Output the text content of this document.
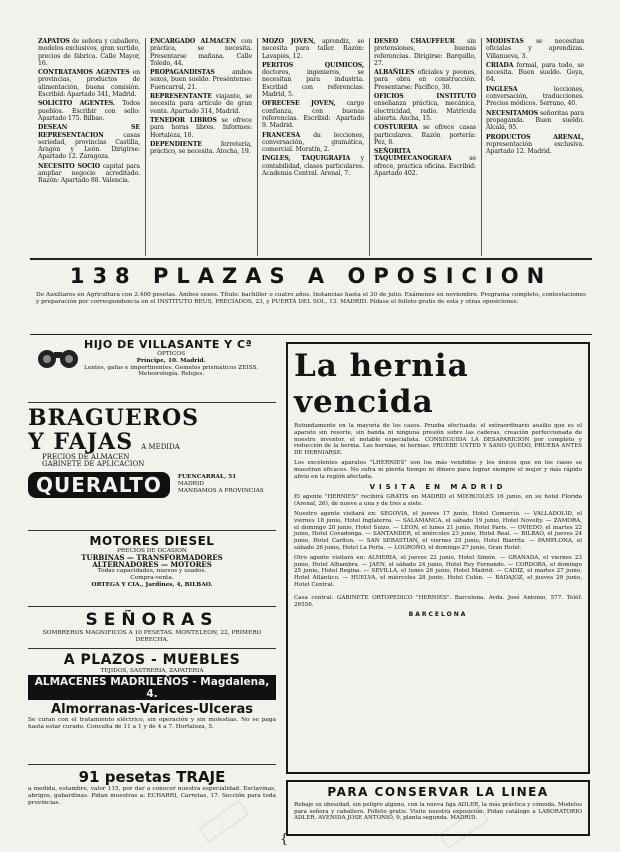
ZAPATOS de señora y caballero, modelos exclusivos, gran surtido, precios de fábrica. Calle Mayor, 16.

CONTRATAMOS AGENTES en provincias, productos de alimentación, buena comisión. Escribid: Apartado 341, Madrid.

SOLICITO AGENTES. Todos pueblos. Escribir con sello: Apartado 175. Bilbao.

DESEAN SE REPRESENTACION	casas seriedad, provincias Castilla, Aragón y León. Dirigirse: Apartado 12. Zaragoza.

NECESITO SOCIO capital para ampliar negocio acreditado. Razón: Apartado 88. Valencia.

ENCARGADO ALMACEN con práctica, se necesita. Presentarse mañana. Calle Toledo, 44.

PROPAGANDISTAS	ambos sexos, buen sueldo. Preséntense: Fuencarral, 21.

REPRESENTANTE viajante, se necesita para artículo de gran venta. Apartado 314, Madrid.

TENEDOR LIBROS se ofrece para horas libres. Informes: Hortaleza, 10.

DEPENDIENTE	ferretería, práctico, se necesita. Atocha, 19.

MOZO JOVEN, aprendiz, se necesita para taller. Razón: Lavapiés, 12.

PERITOS QUIMICOS, doctores, ingenieros, se necesitan para industria. Escribid con referencias: Madrid, 5.

OFRECESE JOVEN, cargo confianza, con buenas referencias. Escribid: Apartado 9. Madrid.

FRANCESA da lecciones, conversación, gramática, comercial. Moratín, 2.

INGLES, TAQUIGRAFIA y contabilidad, clases particulares. Academia Central. Arenal, 7.

DESEO CHAUFFEUR sin pretensiones, buenas referencias. Dirigirse: Barquillo, 27.

ALBAÑILES oficiales y peones, para obra en construcción. Presentarse: Pacífico, 30.

OFICIOS INSTITUTO enseñanza práctica, mecánica, electricidad, radio. Matrícula abierta. Ancha, 15.

COSTURERA se ofrece casas particulares. Razón portería: Pez, 8.

SEÑORITA TAQUIMECANOGRAFA	se ofrece, práctica oficina. Escribid: Apartado 402.

MODISTAS se necesitan oficialas y aprendizas. Villanueva, 3.

CRIADA formal, para todo, se necesita. Buen sueldo. Goya, 64.

INGLESA	lecciones, conversación, traducciones. Precios módicos. Serrano, 40.

NECESITAMOS señoritas para propaganda. Buen sueldo. Alcalá, 95.

PRODUCTOS ARENAL, representación exclusiva. Apartado 12. Madrid.

138 PLAZAS A OPOSICION

De Auxiliares en Agricultura con 2.400 pesetas. Ambos sexos. Título: bachiller o cuatro años. Instancias hasta el 30 de julio. Exámenes en noviembre. Programa completo, contestaciones y preparación por correspondencia en el INSTITUTO REUS, PRECIADOS, 23, y PUERTA DEL SOL, 13. MADRID. Pídase el folleto gratis de esta y otras oposiciones.

HIJO DE VILLASANTE Y Cª
ÓPTICOS
Príncipe, 10. Madrid.
Lentes, gafas e impertinentes. Gemelos prismáticos ZEISS.
Meteorología. Relojes.
BRAGUEROS
Y FAJAS A MEDIDA
PRECIOS DE ALMACEN
GABINETE DE APLICACION
QUERALTO	FUENCARRAL, 51
MADRID
MANDAMOS A PROVINCIAS
MOTORES DIESEL
PRECIOS DE OCASION
TURBINAS — TRANSFORMADORES
ALTERNADORES — MOTORES
Todas capacidades, nuevos y usados.
Compra-venta.
ORTEGA Y CIA., Jardines, 4, BILBAO.
SEÑORAS
SOMBREROS MAGNIFICOS A 10 PESETAS. MONTELEON, 22, PRIMERO DERECHA.
A PLAZOS - MUEBLES
TEJIDOS, SASTRERIA, ZAPATERIA
ALMACENES MADRILEÑOS - Magdalena, 4.
Almorranas-Varices-Ulceras
Se curan con el tratamiento eléctrico, sin operación y sin molestias. No se paga hasta estar curado. Consulta de 11 a 1 y de 4 a 7. Hortaleza, 5.
91 pesetas TRAJE
a medida, estambre, valor 115, por dar a conocer nuestra especialidad. Esclavinas, abrigos, gabardinas. Pidan muestras a: ECHARRI, Carretas, 17. Sección para toda provincias.

La hernia vencida

Rotundamente en la mayoría de los casos. Prueba efectuada: el extraordinario ausilio que es el aparato sin resorte, sin banda ni ninguna presión sobre las caderas, creación perfeccionada de nuestro inventor, el notable especialista. CONSEGUIDA LA DESAPARICION por completo y reducción de la hernia. Las hernias, ni hernias. PRUEBE USTED Y SANO QUEDO, PRUEBA ANTES DE HERNIARSE.

Los excelentes aparatos "LHERNIES" son los más vendidos y los únicos que en los casos se muestran eficaces. No sufra ni pierda tiempo ni dinero para lograr siempre el mejor y más rápido alivio en la región afectada.

VISITA EN MADRID

El agente "HERNIES" recibirá GRATIS en MADRID el MIERCOLES 16 junio, en su hotel Florida (Arenal, 26), de nueve a una y de tres a siete.

Nuestro agente visitará en: SEGOVIA, el jueves 17 junio, Hotel Comercio. — VALLADOLID, el viernes 18 junio, Hotel Inglaterra. — SALAMANCA, el sábado 19 junio, Hotel Novelty. — ZAMORA, el domingo 20 junio, Hotel Suizo. — LEON, el lunes 21 junio, Hotel Paris. — OVIEDO, el martes 22 junio, Hotel Covadonga. — SANTANDER, el miércoles 23 junio, Hotel Real. — BILBAO, el jueves 24 junio, Hotel Carlton. — SAN SEBASTIAN, el viernes 25 junio, Hotel Biarritz. — PAMPLONA, el sábado 26 junio, Hotel La Perla. — LOGROÑO, el domingo 27 junio, Gran Hotel.

Otro agente visitará en: ALMERIA, el jueves 22 junio, Hotel Simón. — GRANADA, el viernes 23 junio, Hotel Alhambra. — JAEN, el sábado 24 junio, Hotel Rey Fernando. — CORDOBA, el domingo 25 junio, Hotel Regina. — SEVILLA, el lunes 26 junio, Hotel Madrid. — CADIZ, el martes 27 junio, Hotel Atlántico. — HUELVA, el miércoles 28 junio, Hotel Colón. — BADAJOZ, el jueves 29 junio, Hotel Central.

Casa central: GABINETE ORTOPEDICO "HERNIES". Barcelona. Avda. José Antonio, 577. Teléf. 26556.

BARCELONA

PARA CONSERVAR LA LINEA

Rebaje su obesidad, sin peligro alguno, con la nueva faja ADLER, la más práctica y cómoda. Modelos para señora y caballero. Folleto gratis. Visite nuestra exposición: Pidan catálogo a LABORATORIO ADLER. AVENIDA JOSE ANTONIO, 9, planta segunda. MADRID.

{
